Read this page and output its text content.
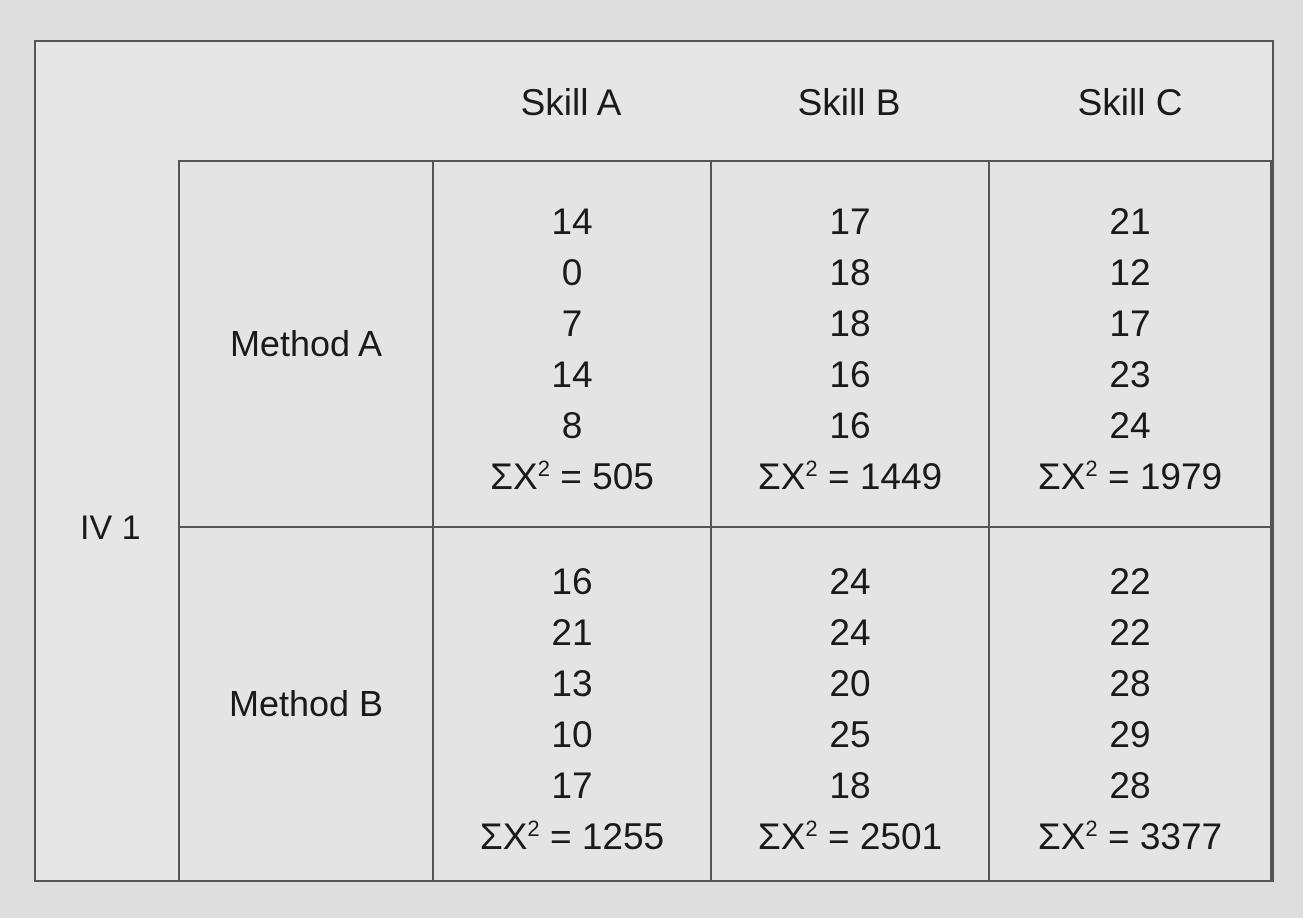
IV 1
Skill A	Skill B	Skill C
Method A
14
0
7
14
8
$\Sigma X^2 = 505$
17
18
18
16
16
$\Sigma X^2 = 1449$
21
12
17
23
24
$\Sigma X^2 = 1979$
Method B
16
21
13
10
17
$\Sigma X^2 = 1255$
24
24
20
25
18
$\Sigma X^2 = 2501$
22
22
28
29
28
$\Sigma X^2 = 3377$
